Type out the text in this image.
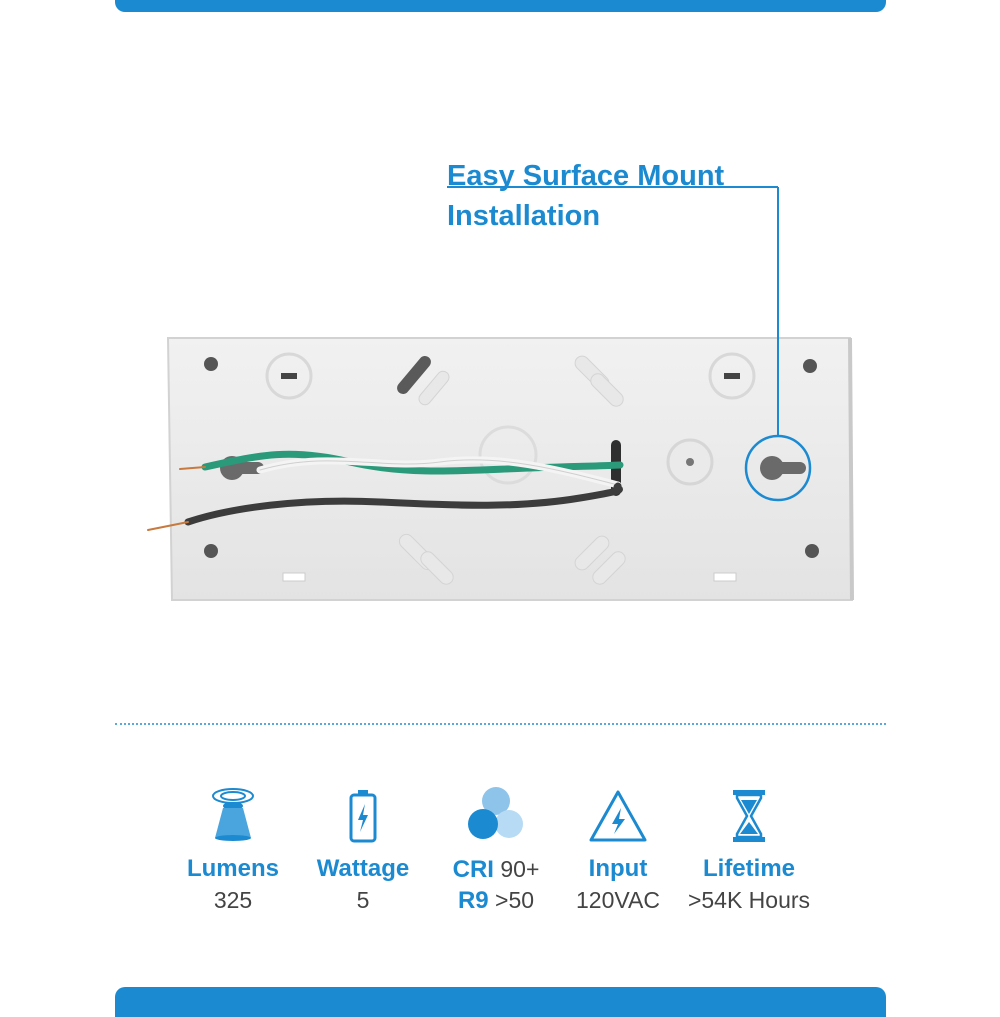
Easy Surface Mount
Installation
Lumens
325
Wattage
5
CRI 90+
R9 >50
Input
120VAC
Lifetime
>54K Hours
